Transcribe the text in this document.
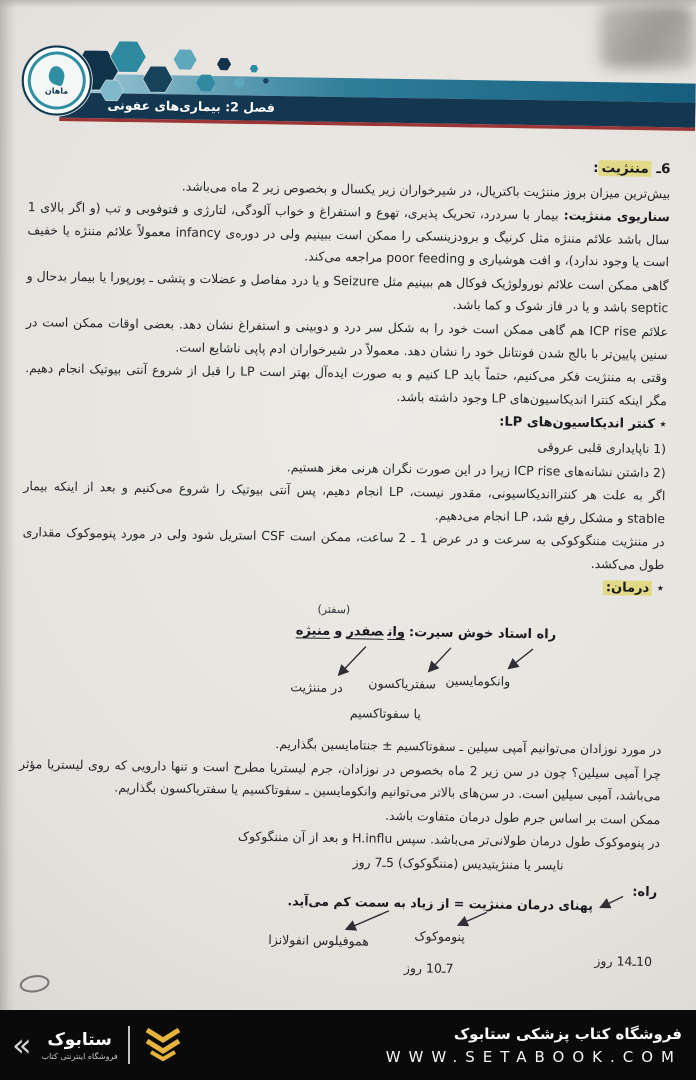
ماهان
فصل 2: بیماری‌های عفونی

6ـ مننژیت:

بیش‌ترین میزان بروز مننژیت باکتریال، در شیرخواران زیر یکسال و بخصوص زیر 2 ماه می‌باشد.

سناریوی مننژیت: بیمار با سردرد، تحریک پذیری، تهوع و استفراغ و خواب آلودگی، لتارژی و فتوفوبی و تب (و اگر بالای 1 سال باشد علائم مننژه مثل کرنیگ و برودزینسکی را ممکن است ببینیم ولی در دوره‌ی infancy معمولاً علائم مننژه یا خفیف است یا وجود ندارد)، و افت هوشیاری و poor feeding مراجعه می‌کند.

گاهی ممکن است علائم نورولوژیک فوکال هم ببینیم مثل Seizure و یا درد مفاصل و عضلات و پتشی ـ پورپورا یا بیمار بدحال و septic باشد و یا در فاز شوک و کما باشد.

علائم ICP rise هم گاهی ممکن است خود را به شکل سر درد و دوبینی و استفراغ نشان دهد. بعضی اوقات ممکن است در سنین پایین‌تر با بالج شدن فونتانل خود را نشان دهد. معمولاً در شیرخواران ادم پاپی ناشایع است.

وقتی به مننژیت فکر می‌کنیم، حتماً باید LP کنیم و به صورت ایده‌آل بهتر است LP را قبل از شروع آنتی بیوتیک انجام دهیم. مگر اینکه کنترا اندیکاسیون‌های LP وجود داشته باشد.

٭ کنتر اندیکاسیون‌های LP:

1) ناپایداری قلبی عروقی

2) داشتن نشانه‌های ICP rise زیرا در این صورت نگران هرنی مغز هستیم.

اگر به علت هر کنترااندیکاسیونی، مقدور نیست، LP انجام دهیم، پس آنتی بیوتیک را شروع می‌کنیم و بعد از اینکه بیمار stable و مشکل رفع شد، LP انجام می‌دهیم.

در مننژیت مننگوکوکی به سرعت و در عرض 1 ـ 2 ساعت، ممکن است CSF استریل شود ولی در مورد پنوموکوک مقداری طول می‌کشد.

٭ درمان:

(سفتر)
راه استاد خوش سیرت:وانصفدرومنیژه
وانکومایسین
سفتریاکسون
در مننژیت
یا سفوتاکسیم

در مورد نوزادان می‌توانیم آمپی سیلین ـ سفوتاکسیم ± جنتامایسین بگذاریم.

چرا آمپی سیلین؟ چون در سن زیر 2 ماه بخصوص در نوزادان، جرم لیستریا مطرح است و تنها دارویی که روی لیستریا مؤثر می‌باشد، آمپی سیلین است. در سن‌های بالاتر می‌توانیم وانکومایسین ـ سفوتاکسیم یا سفتریاکسون بگذاریم.

ممکن است بر اساس جرم طول درمان متفاوت باشد.

در پنوموکوک طول درمان طولانی‌تر می‌باشد. سپس H.influ و بعد از آن مننگوکوک

نایسر یا مننژیتیدیس (مننگوکوک) 5ـ7 روز

راه:
پهنای درمان مننژیت = از زیاد به سمت کم می‌آید.
پنوموکوک
هموفیلوس انفولانزا
10ـ14 روز
7ـ10 روز
« ستابوک
فروشگاه اینترنتی کتاب
فروشگاه کتاب پزشکی ستابوک
WWW.SETABOOK.COM
